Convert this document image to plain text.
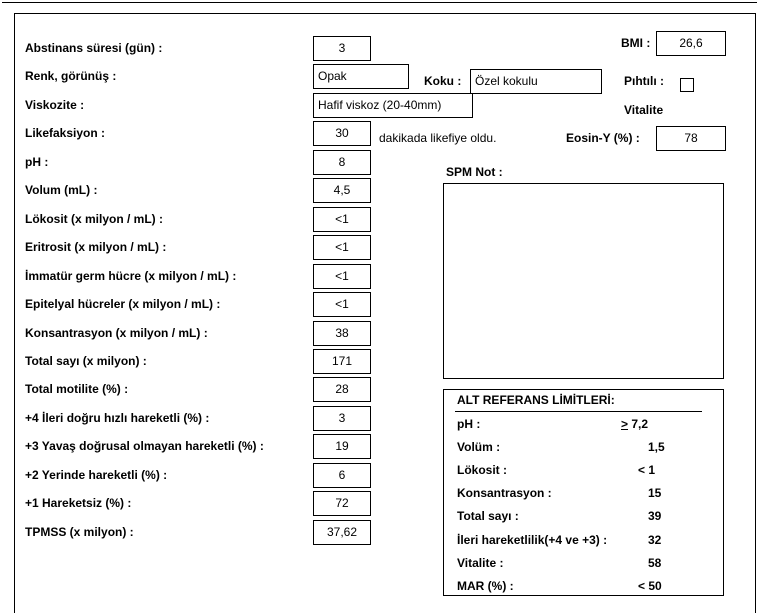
Abstinans süresi (gün) :	3
Renk, görünüş :	Opak
Viskozite :	Hafif viskoz (20-40mm)
Likefaksiyon :	30
pH :	8
Volum (mL) :	4,5
Lökosit (x milyon / mL) :	<1
Eritrosit (x milyon / mL) :	<1
İmmatür germ hücre (x milyon / mL) :	<1
Epitelyal hücreler (x milyon / mL) :	<1
Konsantrasyon (x milyon / mL) :	38
Total sayı (x milyon) :	171
Total motilite (%) :	28
+4 İleri doğru hızlı hareketli (%) :	3
+3 Yavaş doğrusal olmayan hareketli (%) :	19
+2 Yerinde hareketli (%) :	6
+1 Hareketsiz (%) :	72
TPMSS (x milyon) :	37,62
dakikada likefiye oldu.
BMI :	26,6
Koku :	Özel kokulu	Pıhtılı :
Vitalite
Eosin-Y (%) :	78
SPM Not :
ALT REFERANS LİMİTLERİ:
pH :	> 7,2
Volüm :	1,5
Lökosit :	< 1
Konsantrasyon :	15
Total sayı :	39
İleri hareketlilik(+4 ve +3) :	32
Vitalite :	58
MAR (%) :	< 50
